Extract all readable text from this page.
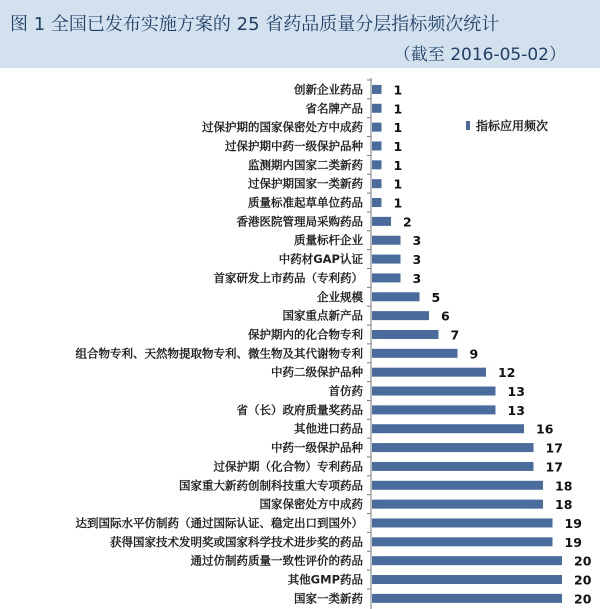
图 1 全国已发布实施方案的 25 省药品质量分层指标频次统计
（截至 2016-05-02）
指标应用频次
创新企业药品 1
省名牌产品 1
过保护期的国家保密处方中成药 1
过保护期中药一级保护品种 1
监测期内国家二类新药 1
过保护期国家一类新药 1
质量标准起草单位药品 1
香港医院管理局采购药品	2
质量标杆企业	3
中药材GAP认证	3
首家研发上市药品（专利药）	3
企业规模	5
国家重点新产品	6
保护期内的化合物专利	7
组合物专利、天然物提取物专利、微生物及其代谢物专利	9
中药二级保护品种	12
首仿药	13
省（长）政府质量奖药品	13
其他进口药品	16
中药一级保护品种	17
过保护期（化合物）专利药品	17
国家重大新药创制科技重大专项药品	18
国家保密处方中成药	18
达到国际水平仿制药（通过国际认证、稳定出口到国外）	19
获得国家技术发明奖或国家科学技术进步奖的药品	19
通过仿制药质量一致性评价的药品	20
其他GMP药品	20
国家一类新药	20
